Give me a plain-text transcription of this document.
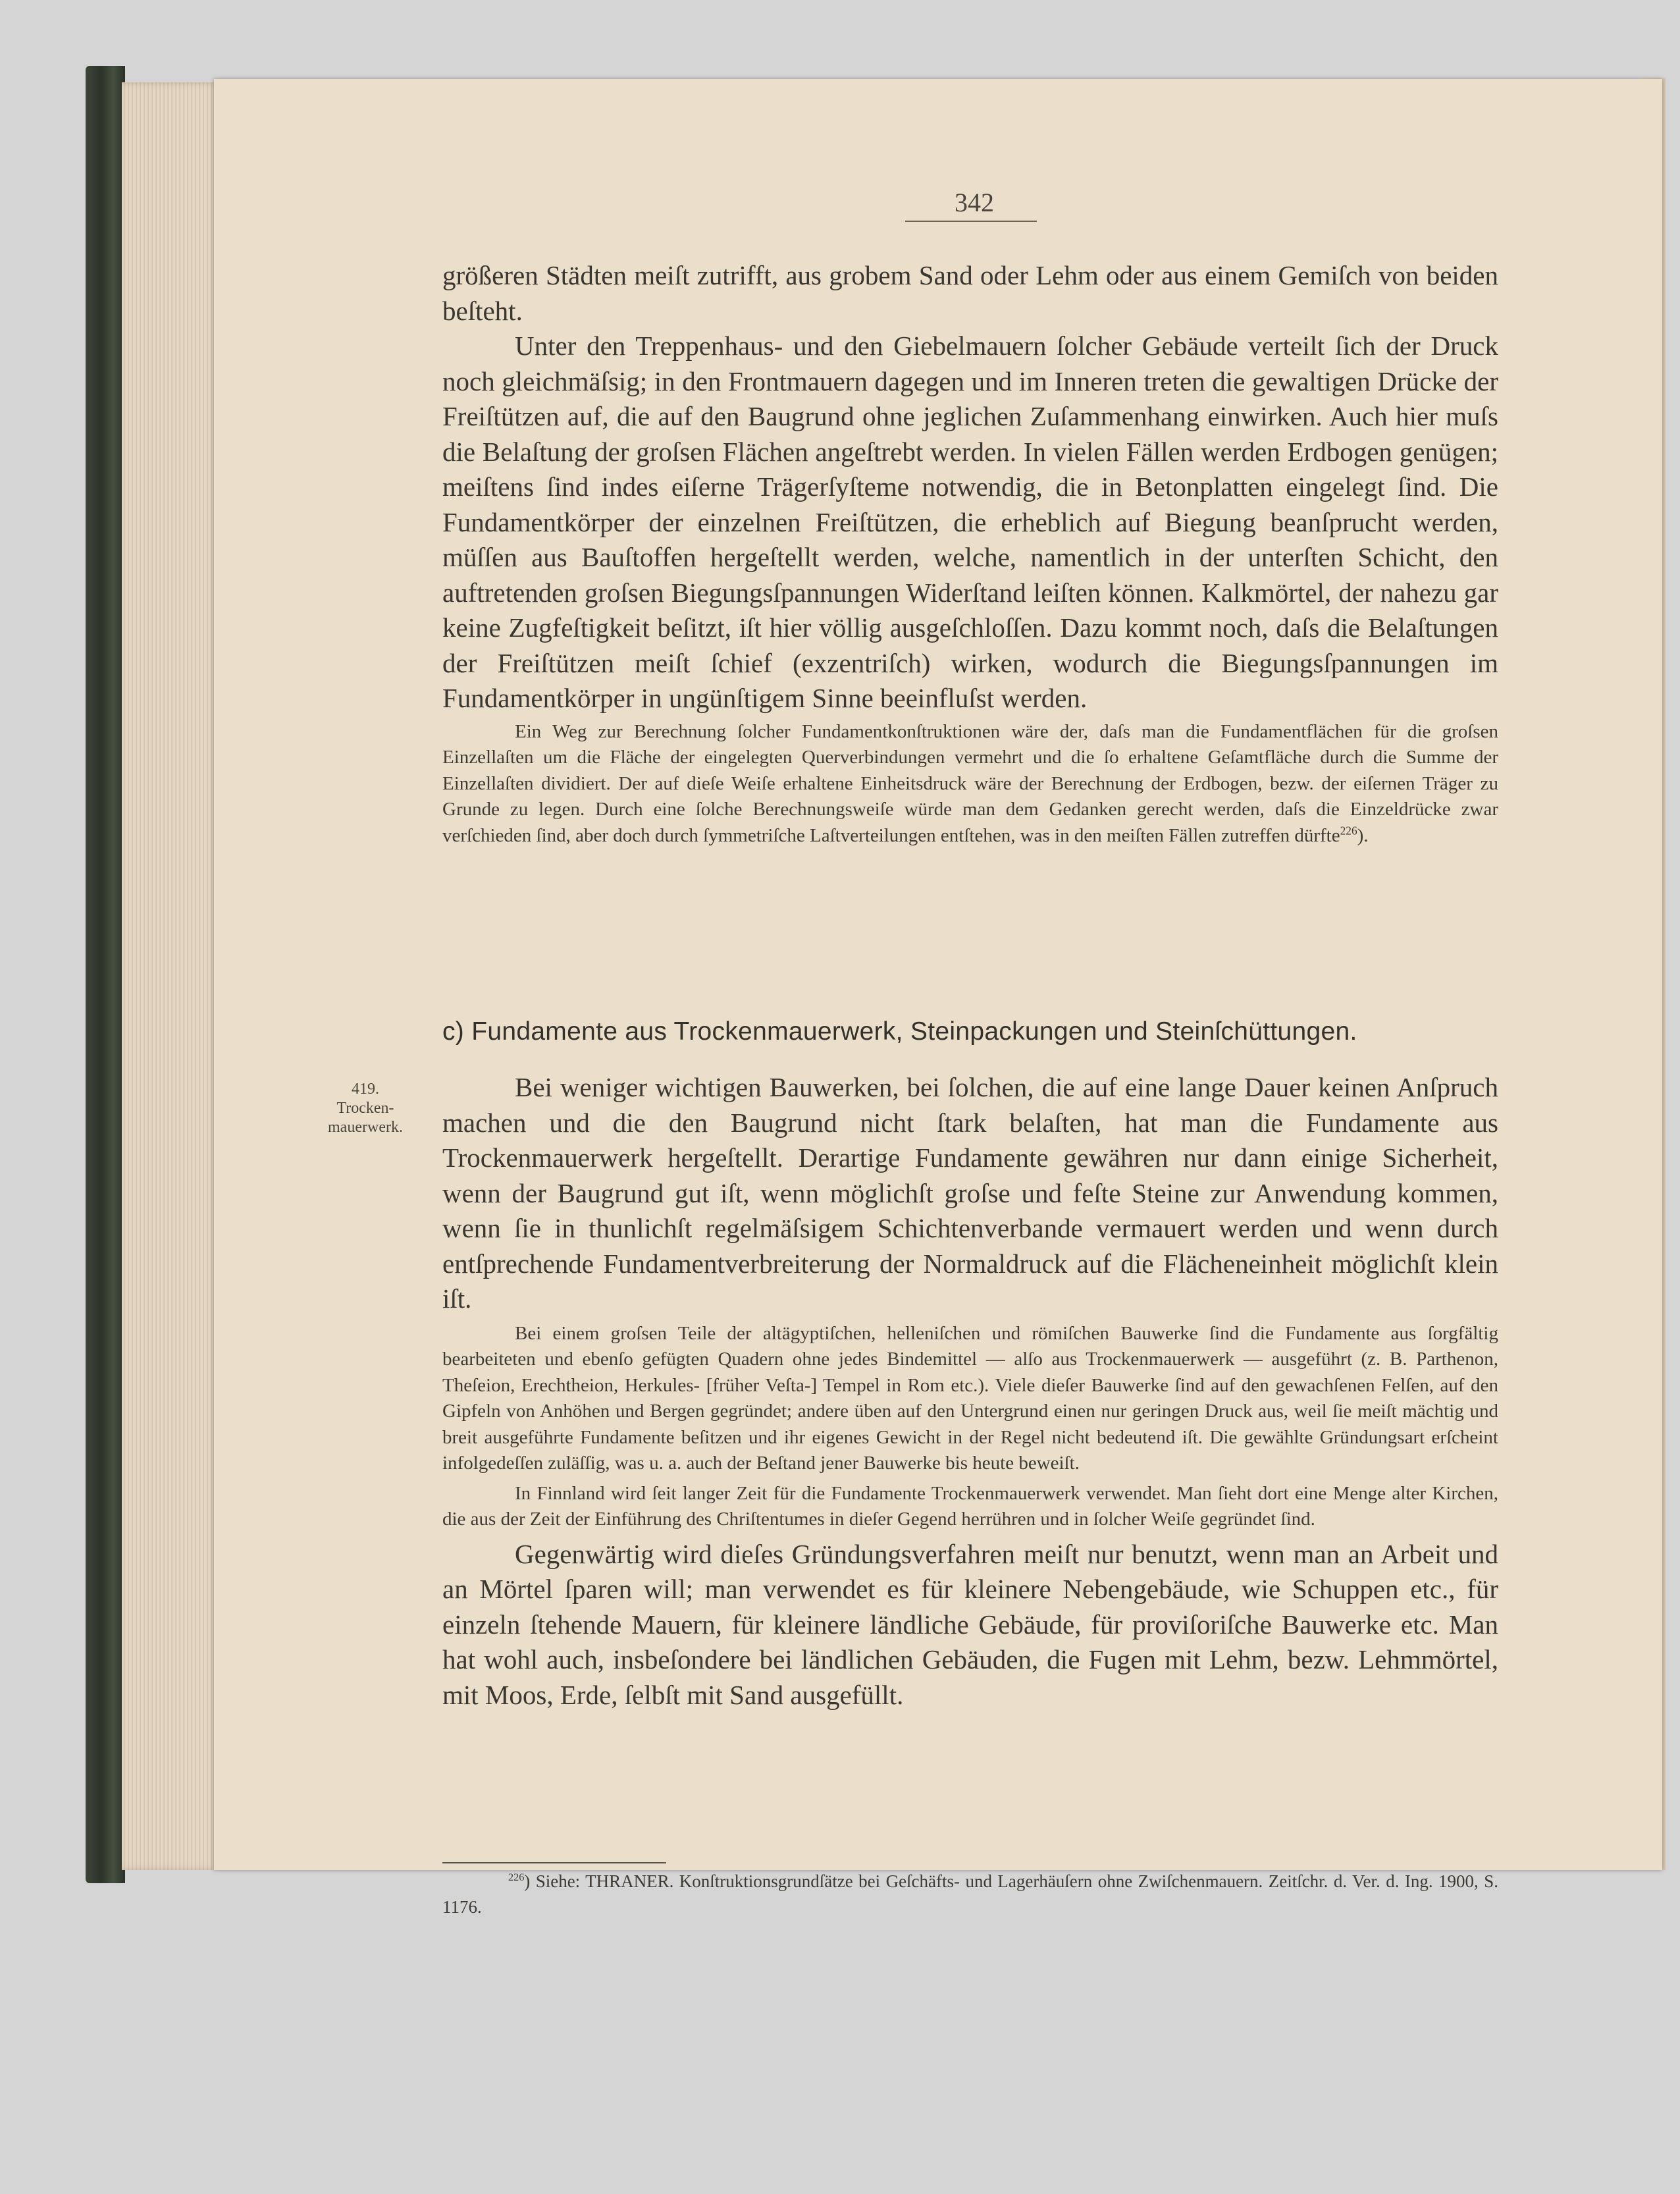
342

größeren Städten meiſt zutrifft, aus grobem Sand oder Lehm oder aus einem Gemiſch von beiden beſteht.

Unter den Treppenhaus- und den Giebelmauern ſolcher Gebäude verteilt ſich der Druck noch gleichmäſsig; in den Frontmauern dagegen und im Inneren treten die gewaltigen Drücke der Freiſtützen auf, die auf den Baugrund ohne jeglichen Zuſammenhang einwirken. Auch hier muſs die Belaſtung der groſsen Flächen angeſtrebt werden. In vielen Fällen werden Erdbogen genügen; meiſtens ſind indes eiſerne Trägerſyſteme notwendig, die in Betonplatten eingelegt ſind. Die Fundamentkörper der einzelnen Freiſtützen, die erheblich auf Biegung beanſprucht werden, müſſen aus Bauſtoffen hergeſtellt werden, welche, namentlich in der unterſten Schicht, den auftretenden groſsen Biegungsſpannungen Widerſtand leiſten können. Kalkmörtel, der nahezu gar keine Zugfeſtigkeit beſitzt, iſt hier völlig ausgeſchloſſen. Dazu kommt noch, daſs die Belaſtungen der Freiſtützen meiſt ſchief (exzentriſch) wirken, wodurch die Biegungsſpannungen im Fundamentkörper in ungünſtigem Sinne beeinfluſst werden.

Ein Weg zur Berechnung ſolcher Fundamentkonſtruktionen wäre der, daſs man die Fundamentflächen für die groſsen Einzellaſten um die Fläche der eingelegten Querverbindungen vermehrt und die ſo erhaltene Geſamtfläche durch die Summe der Einzellaſten dividiert. Der auf dieſe Weiſe erhaltene Einheitsdruck wäre der Berechnung der Erdbogen, bezw. der eiſernen Träger zu Grunde zu legen. Durch eine ſolche Berechnungsweiſe würde man dem Gedanken gerecht werden, daſs die Einzeldrücke zwar verſchieden ſind, aber doch durch ſymmetriſche Laſtverteilungen entſtehen, was in den meiſten Fällen zutreffen dürfte$^{226}$).

c) Fundamente aus Trockenmauerwerk, Steinpackungen und Steinſchüttungen.
419.
Trocken-
mauerwerk.

Bei weniger wichtigen Bauwerken, bei ſolchen, die auf eine lange Dauer keinen Anſpruch machen und die den Baugrund nicht ſtark belaſten, hat man die Fundamente aus Trockenmauerwerk hergeſtellt. Derartige Fundamente gewähren nur dann einige Sicherheit, wenn der Baugrund gut iſt, wenn möglichſt groſse und feſte Steine zur Anwendung kommen, wenn ſie in thunlichſt regelmäſsigem Schichtenverbande vermauert werden und wenn durch entſprechende Fundamentverbreiterung der Normaldruck auf die Flächeneinheit möglichſt klein iſt.

Bei einem groſsen Teile der altägyptiſchen, helleniſchen und römiſchen Bauwerke ſind die Fundamente aus ſorgfältig bearbeiteten und ebenſo gefügten Quadern ohne jedes Bindemittel — alſo aus Trockenmauerwerk — ausgeführt (z. B. Parthenon, Theſeion, Erechtheion, Herkules- [früher Veſta-] Tempel in Rom etc.). Viele dieſer Bauwerke ſind auf den gewachſenen Felſen, auf den Gipfeln von Anhöhen und Bergen gegründet; andere üben auf den Untergrund einen nur geringen Druck aus, weil ſie meiſt mächtig und breit ausgeführte Fundamente beſitzen und ihr eigenes Gewicht in der Regel nicht bedeutend iſt. Die gewählte Gründungsart erſcheint infolgedeſſen zuläſſig, was u. a. auch der Beſtand jener Bauwerke bis heute beweiſt.

In Finnland wird ſeit langer Zeit für die Fundamente Trockenmauerwerk verwendet. Man ſieht dort eine Menge alter Kirchen, die aus der Zeit der Einführung des Chriſtentumes in dieſer Gegend herrühren und in ſolcher Weiſe gegründet ſind.

Gegenwärtig wird dieſes Gründungsverfahren meiſt nur benutzt, wenn man an Arbeit und an Mörtel ſparen will; man verwendet es für kleinere Nebengebäude, wie Schuppen etc., für einzeln ſtehende Mauern, für kleinere ländliche Gebäude, für proviſoriſche Bauwerke etc. Man hat wohl auch, insbeſondere bei ländlichen Gebäuden, die Fugen mit Lehm, bezw. Lehmmörtel, mit Moos, Erde, ſelbſt mit Sand ausgefüllt.

$^{226}$) Siehe: THRANER. Konſtruktionsgrundſätze bei Geſchäfts- und Lagerhäuſern ohne Zwiſchenmauern. Zeitſchr. d. Ver. d. Ing. 1900, S. 1176.
